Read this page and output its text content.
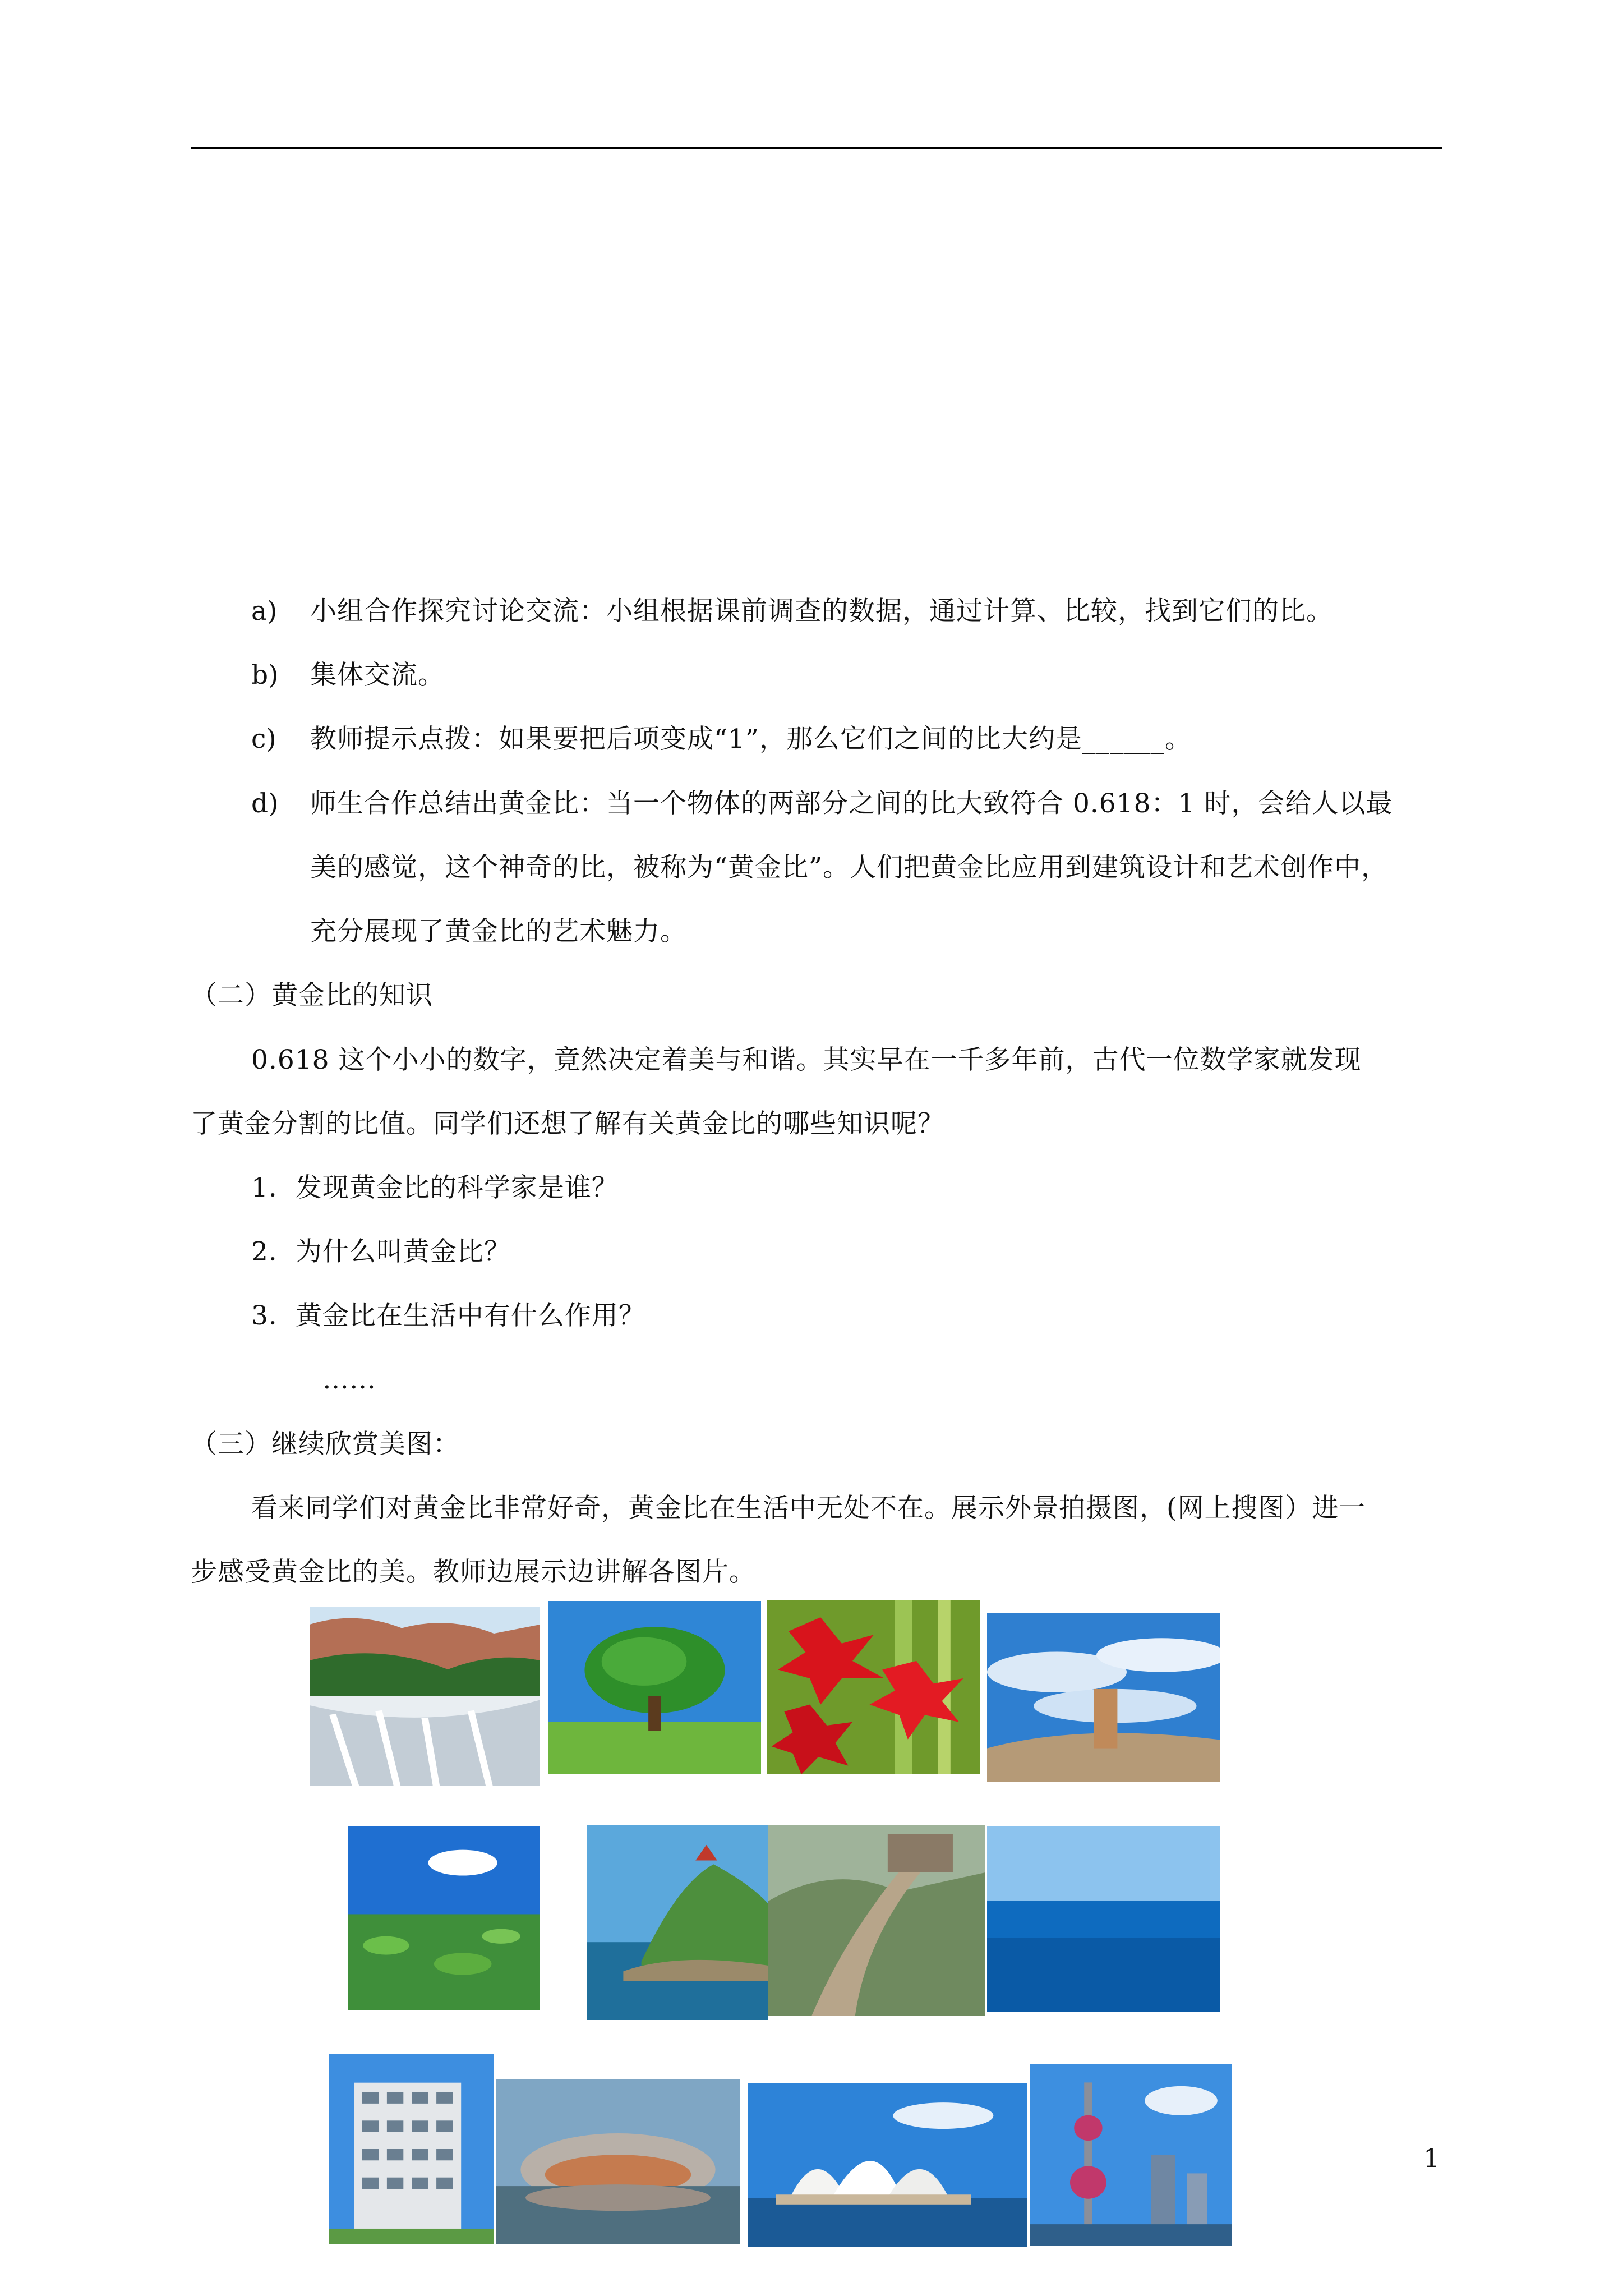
a) 小组合作探究讨论交流：小组根据课前调查的数据，通过计算、比较，找到它们的比。
b) 集体交流。
c) 教师提示点拨：如果要把后项变成“1”，那么它们之间的比大约是______。
d) 师生合作总结出黄金比：当一个物体的两部分之间的比大致符合 0.618：1 时，会给人以最
美的感觉，这个神奇的比，被称为“黄金比”。人们把黄金比应用到建筑设计和艺术创作中，
充分展现了黄金比的艺术魅力。
（二）黄金比的知识
0.618 这个小小的数字，竟然决定着美与和谐。其实早在一千多年前，古代一位数学家就发现
了黄金分割的比值。同学们还想了解有关黄金比的哪些知识呢？
1．发现黄金比的科学家是谁？
2．为什么叫黄金比？
3．黄金比在生活中有什么作用？
……
（三）继续欣赏美图：
看来同学们对黄金比非常好奇，黄金比在生活中无处不在。展示外景拍摄图，(网上搜图）进一
步感受黄金比的美。教师边展示边讲解各图片。
1
